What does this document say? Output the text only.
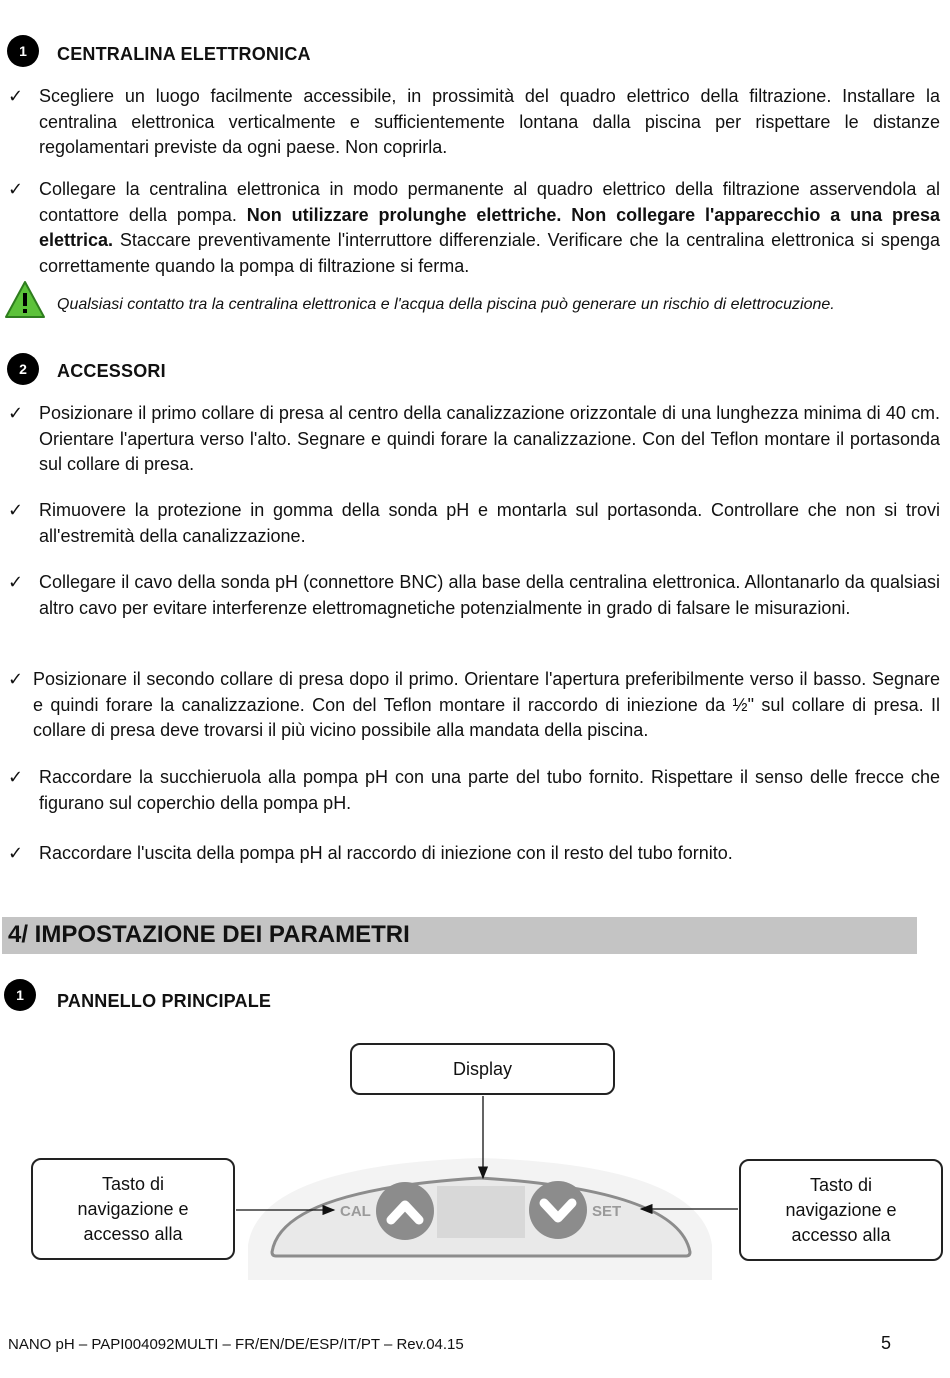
1	CENTRALINA ELETTRONICA
✓ Scegliere un luogo facilmente accessibile, in prossimità del quadro elettrico della filtrazione. Installare la centralina elettronica verticalmente e sufficientemente lontana dalla piscina per rispettare le distanze regolamentari previste da ogni paese. Non coprirla.
✓ Collegare la centralina elettronica in modo permanente al quadro elettrico della filtrazione asservendola al contattore della pompa. Non utilizzare prolunghe elettriche. Non collegare l'apparecchio a una presa elettrica. Staccare preventivamente l'interruttore differenziale. Verificare che la centralina elettronica si spenga correttamente quando la pompa di filtrazione si ferma.
Qualsiasi contatto tra la centralina elettronica e l'acqua della piscina può generare un rischio di elettrocuzione.
2	ACCESSORI
✓ Posizionare il primo collare di presa al centro della canalizzazione orizzontale di una lunghezza minima di 40 cm. Orientare l'apertura verso l'alto. Segnare e quindi forare la canalizzazione. Con del Teflon montare il portasonda sul collare di presa.
✓ Rimuovere la protezione in gomma della sonda pH e montarla sul portasonda. Controllare che non si trovi all'estremità della canalizzazione.
✓ Collegare il cavo della sonda pH (connettore BNC) alla base della centralina elettronica. Allontanarlo da qualsiasi altro cavo per evitare interferenze elettromagnetiche potenzialmente in grado di falsare le misurazioni.
✓ Posizionare il secondo collare di presa dopo il primo. Orientare l'apertura preferibilmente verso il basso. Segnare e quindi forare la canalizzazione. Con del Teflon montare il raccordo di iniezione da ½" sul collare di presa. Il collare di presa deve trovarsi il più vicino possibile alla mandata della piscina.
✓ Raccordare la succhieruola alla pompa pH con una parte del tubo fornito. Rispettare il senso delle frecce che figurano sul coperchio della pompa pH.
✓ Raccordare l'uscita della pompa pH al raccordo di iniezione con il resto del tubo fornito.
4/ IMPOSTAZIONE DEI PARAMETRI
1	PANNELLO PRINCIPALE
CAL	SET
Display
Tasto di navigazione e accesso alla
Tasto di navigazione e accesso alla
NANO pH – PAPI004092MULTI – FR/EN/DE/ESP/IT/PT – Rev.04.15	5
